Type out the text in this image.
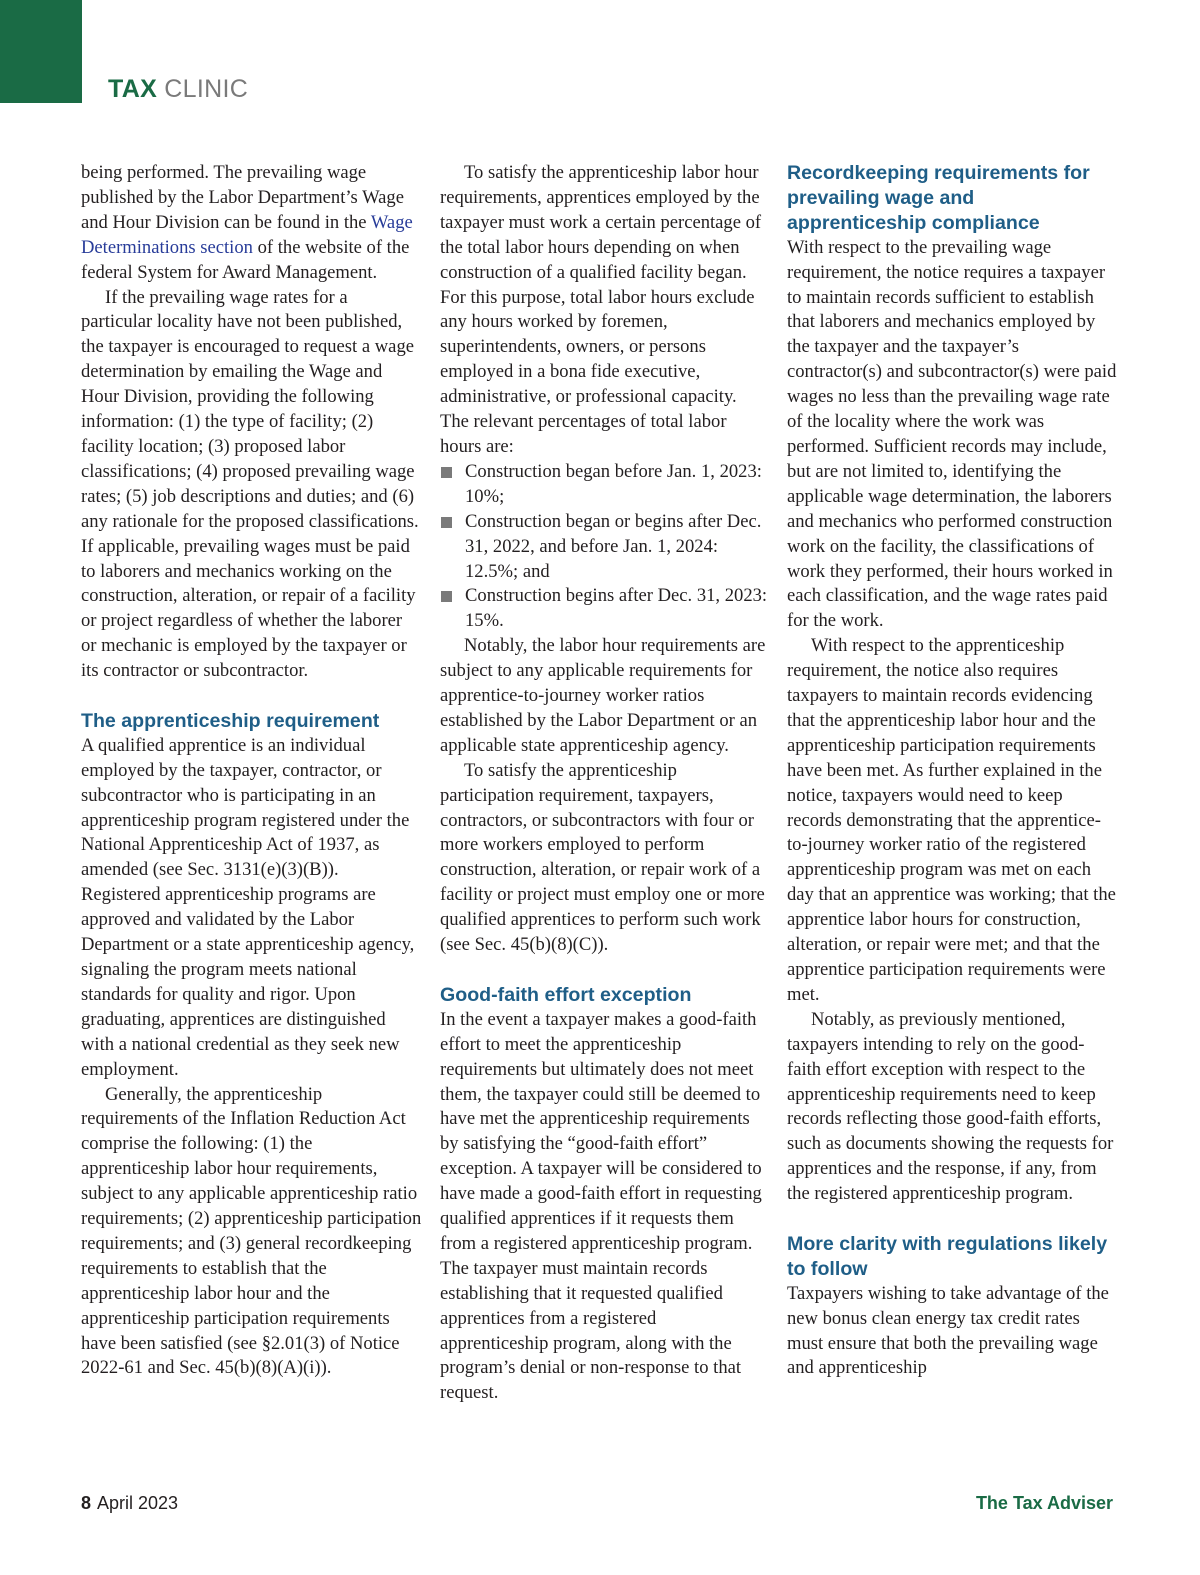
TAX CLINIC
being performed. The prevailing wage published by the Labor Department’s Wage and Hour Division can be found in the Wage Determinations section of the website of the federal System for Award Management.
If the prevailing wage rates for a particular locality have not been published, the taxpayer is encouraged to request a wage determination by emailing the Wage and Hour Division, providing the following information: (1) the type of facility; (2) facility location; (3) proposed labor classifications; (4) proposed prevailing wage rates; (5) job descriptions and duties; and (6) any rationale for the proposed classifications. If applicable, prevailing wages must be paid to laborers and mechanics working on the construction, alteration, or repair of a facility or project regardless of whether the laborer or mechanic is employed by the taxpayer or its contractor or subcontractor.
The apprenticeship requirement
A qualified apprentice is an individual employed by the taxpayer, contractor, or subcontractor who is participating in an apprenticeship program registered under the National Apprenticeship Act of 1937, as amended (see Sec. 3131(e)(3)(B)). Registered apprenticeship programs are approved and validated by the Labor Department or a state apprenticeship agency, signaling the program meets national standards for quality and rigor. Upon graduating, apprentices are distinguished with a national credential as they seek new employment.
Generally, the apprenticeship requirements of the Inflation Reduction Act comprise the following: (1) the apprenticeship labor hour requirements, subject to any applicable apprenticeship ratio requirements; (2) apprenticeship participation requirements; and (3) general recordkeeping requirements to establish that the apprenticeship labor hour and the apprenticeship participation requirements have been satisfied (see §2.01(3) of Notice 2022-61 and Sec. 45(b)(8)(A)(i)).
To satisfy the apprenticeship labor hour requirements, apprentices employed by the taxpayer must work a certain percentage of the total labor hours depending on when construction of a qualified facility began. For this purpose, total labor hours exclude any hours worked by foremen, superintendents, owners, or persons employed in a bona fide executive, administrative, or professional capacity. The relevant percentages of total labor hours are:
Construction began before Jan. 1, 2023: 10%;
Construction began or begins after Dec. 31, 2022, and before Jan. 1, 2024: 12.5%; and
Construction begins after Dec. 31, 2023: 15%.
Notably, the labor hour requirements are subject to any applicable requirements for apprentice-to-journey worker ratios established by the Labor Department or an applicable state apprenticeship agency.
To satisfy the apprenticeship participation requirement, taxpayers, contractors, or subcontractors with four or more workers employed to perform construction, alteration, or repair work of a facility or project must employ one or more qualified apprentices to perform such work (see Sec. 45(b)(8)(C)).
Good-faith effort exception
In the event a taxpayer makes a good-faith effort to meet the apprenticeship requirements but ultimately does not meet them, the taxpayer could still be deemed to have met the apprenticeship requirements by satisfying the “good-faith effort” exception. A taxpayer will be considered to have made a good-faith effort in requesting qualified apprentices if it requests them from a registered apprenticeship program. The taxpayer must maintain records establishing that it requested qualified apprentices from a registered apprenticeship program, along with the program’s denial or non-response to that request.
Recordkeeping requirements for prevailing wage and apprenticeship compliance
With respect to the prevailing wage requirement, the notice requires a taxpayer to maintain records sufficient to establish that laborers and mechanics employed by the taxpayer and the taxpayer’s contractor(s) and subcontractor(s) were paid wages no less than the prevailing wage rate of the locality where the work was performed. Sufficient records may include, but are not limited to, identifying the applicable wage determination, the laborers and mechanics who performed construction work on the facility, the classifications of work they performed, their hours worked in each classification, and the wage rates paid for the work.
With respect to the apprenticeship requirement, the notice also requires taxpayers to maintain records evidencing that the apprenticeship labor hour and the apprenticeship participation requirements have been met. As further explained in the notice, taxpayers would need to keep records demonstrating that the apprentice-to-journey worker ratio of the registered apprenticeship program was met on each day that an apprentice was working; that the apprentice labor hours for construction, alteration, or repair were met; and that the apprentice participation requirements were met.
Notably, as previously mentioned, taxpayers intending to rely on the good-faith effort exception with respect to the apprenticeship requirements need to keep records reflecting those good-faith efforts, such as documents showing the requests for apprentices and the response, if any, from the registered apprenticeship program.
More clarity with regulations likely to follow
Taxpayers wishing to take advantage of the new bonus clean energy tax credit rates must ensure that both the prevailing wage and apprenticeship
8 April 2023	The Tax Adviser
